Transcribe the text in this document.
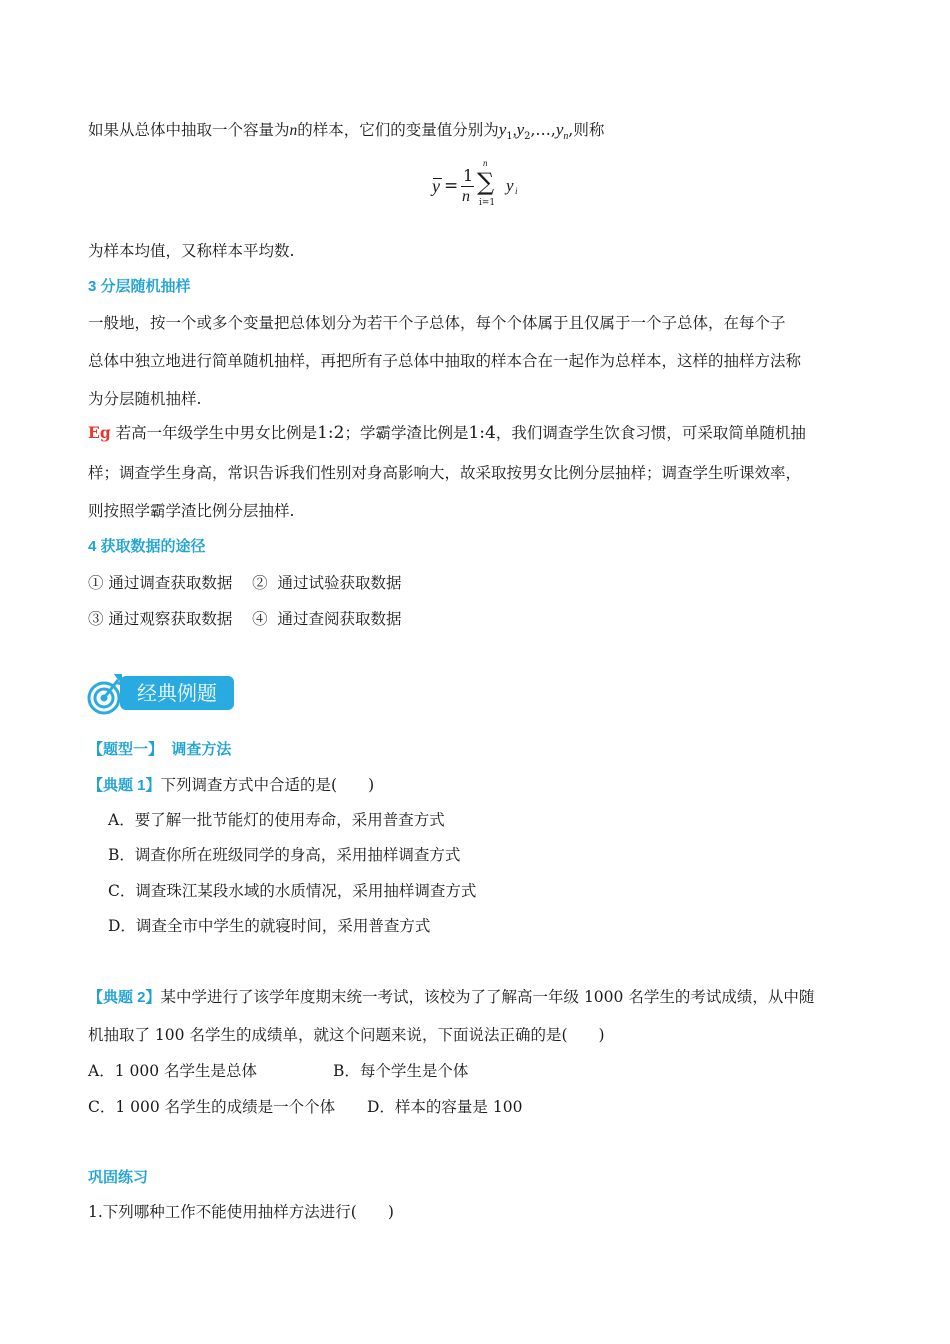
如果从总体中抽取一个容量为n的样本，它们的变量值分别为$y_1,y_2,\dots,y_n$,则称
y =
1
n
n
∑
i=1
y i
为样本均值，又称样本平均数.
3 分层随机抽样
一般地，按一个或多个变量把总体划分为若干个子总体，每个个体属于且仅属于一个子总体，在每个子
总体中独立地进行简单随机抽样，再把所有子总体中抽取的样本合在一起作为总样本，这样的抽样方法称
为分层随机抽样.
Eg 若高一年级学生中男女比例是1:2；学霸学渣比例是1:4，我们调查学生饮食习惯，可采取简单随机抽
样；调查学生身高，常识告诉我们性别对身高影响大，故采取按男女比例分层抽样；调查学生听课效率，
则按照学霸学渣比例分层抽样.
4 获取数据的途径
① 通过调查获取数据    ②  通过试验获取数据
③ 通过观察获取数据    ④  通过查阅获取数据
经典例题
【题型一】  调查方法
【典题 1】下列调查方式中合适的是(　　)
A．要了解一批节能灯的使用寿命，采用普查方式
B．调查你所在班级同学的身高，采用抽样调查方式
C．调查珠江某段水域的水质情况，采用抽样调查方式
D．调查全市中学生的就寝时间，采用普查方式
【典题 2】某中学进行了该学年度期末统一考试，该校为了了解高一年级 1000 名学生的考试成绩，从中随
机抽取了 100 名学生的成绩单，就这个问题来说，下面说法正确的是(　　)
A．1 000 名学生是总体	B．每个学生是个体
C．1 000 名学生的成绩是一个个体 D．样本的容量是 100
巩固练习
1.下列哪种工作不能使用抽样方法进行(　　)
